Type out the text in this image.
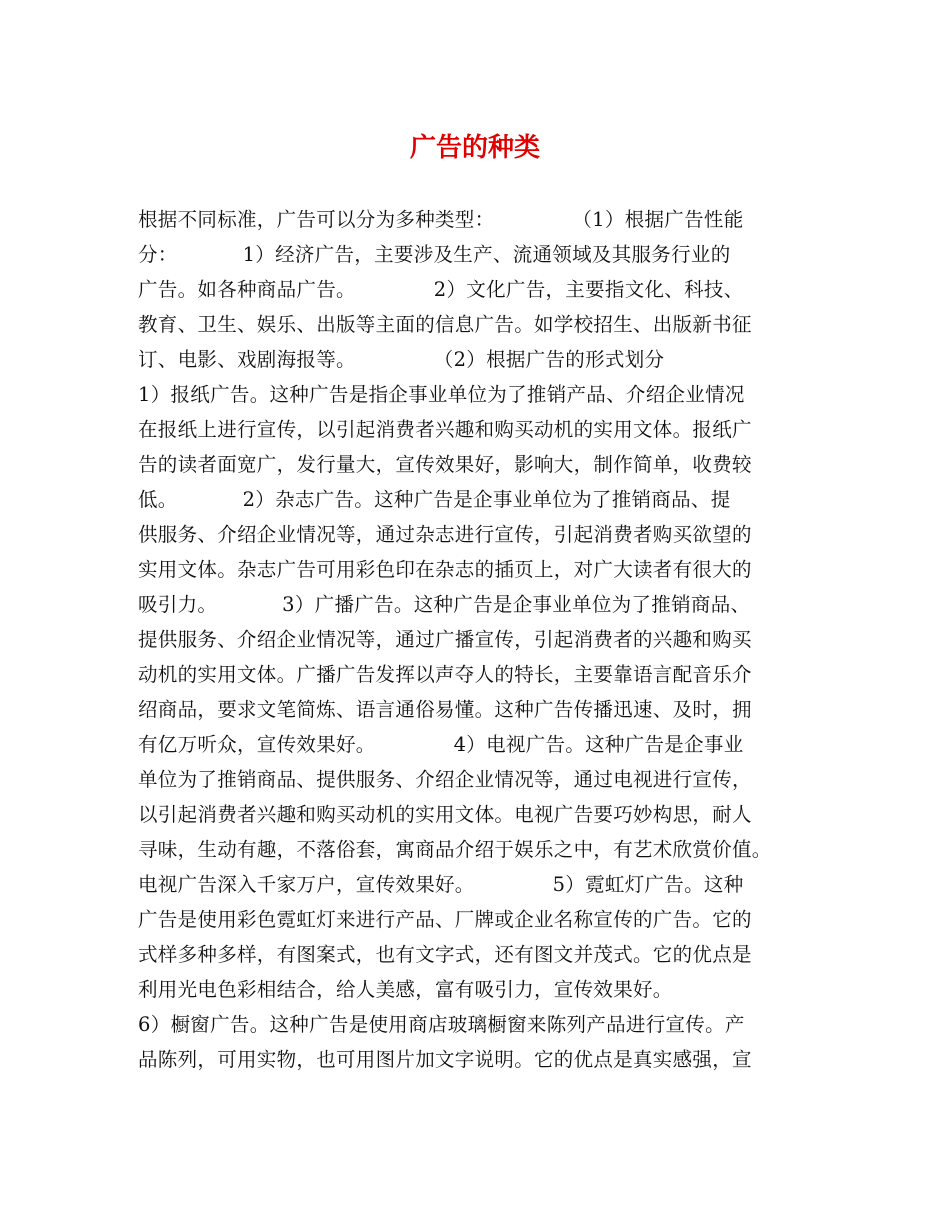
广告的种类
根据不同标准，广告可以分为多种类型：            （1）根据广告性能
分：          1）经济广告，主要涉及生产、流通领域及其服务行业的
广告。如各种商品广告。            2）文化广告，主要指文化、科技、
教育、卫生、娱乐、出版等主面的信息广告。如学校招生、出版新书征
订、电影、戏剧海报等。            （2）根据广告的形式划分
1）报纸广告。这种广告是指企事业单位为了推销产品、介绍企业情况
在报纸上进行宣传，以引起消费者兴趣和购买动机的实用文体。报纸广
告的读者面宽广，发行量大，宣传效果好，影响大，制作简单，收费较
低。          2）杂志广告。这种广告是企事业单位为了推销商品、提
供服务、介绍企业情况等，通过杂志进行宣传，引起消费者购买欲望的
实用文体。杂志广告可用彩色印在杂志的插页上，对广大读者有很大的
吸引力。          3）广播广告。这种广告是企事业单位为了推销商品、
提供服务、介绍企业情况等，通过广播宣传，引起消费者的兴趣和购买
动机的实用文体。广播广告发挥以声夺人的特长，主要靠语言配音乐介
绍商品，要求文笔简炼、语言通俗易懂。这种广告传播迅速、及时，拥
有亿万听众，宣传效果好。            4）电视广告。这种广告是企事业
单位为了推销商品、提供服务、介绍企业情况等，通过电视进行宣传，
以引起消费者兴趣和购买动机的实用文体。电视广告要巧妙构思，耐人
寻味，生动有趣，不落俗套，寓商品介绍于娱乐之中，有艺术欣赏价值。
电视广告深入千家万户，宣传效果好。            5）霓虹灯广告。这种
广告是使用彩色霓虹灯来进行产品、厂牌或企业名称宣传的广告。它的
式样多种多样，有图案式，也有文字式，还有图文并茂式。它的优点是
利用光电色彩相结合，给人美感，富有吸引力，宣传效果好。
6）橱窗广告。这种广告是使用商店玻璃橱窗来陈列产品进行宣传。产
品陈列，可用实物，也可用图片加文字说明。它的优点是真实感强，宣
